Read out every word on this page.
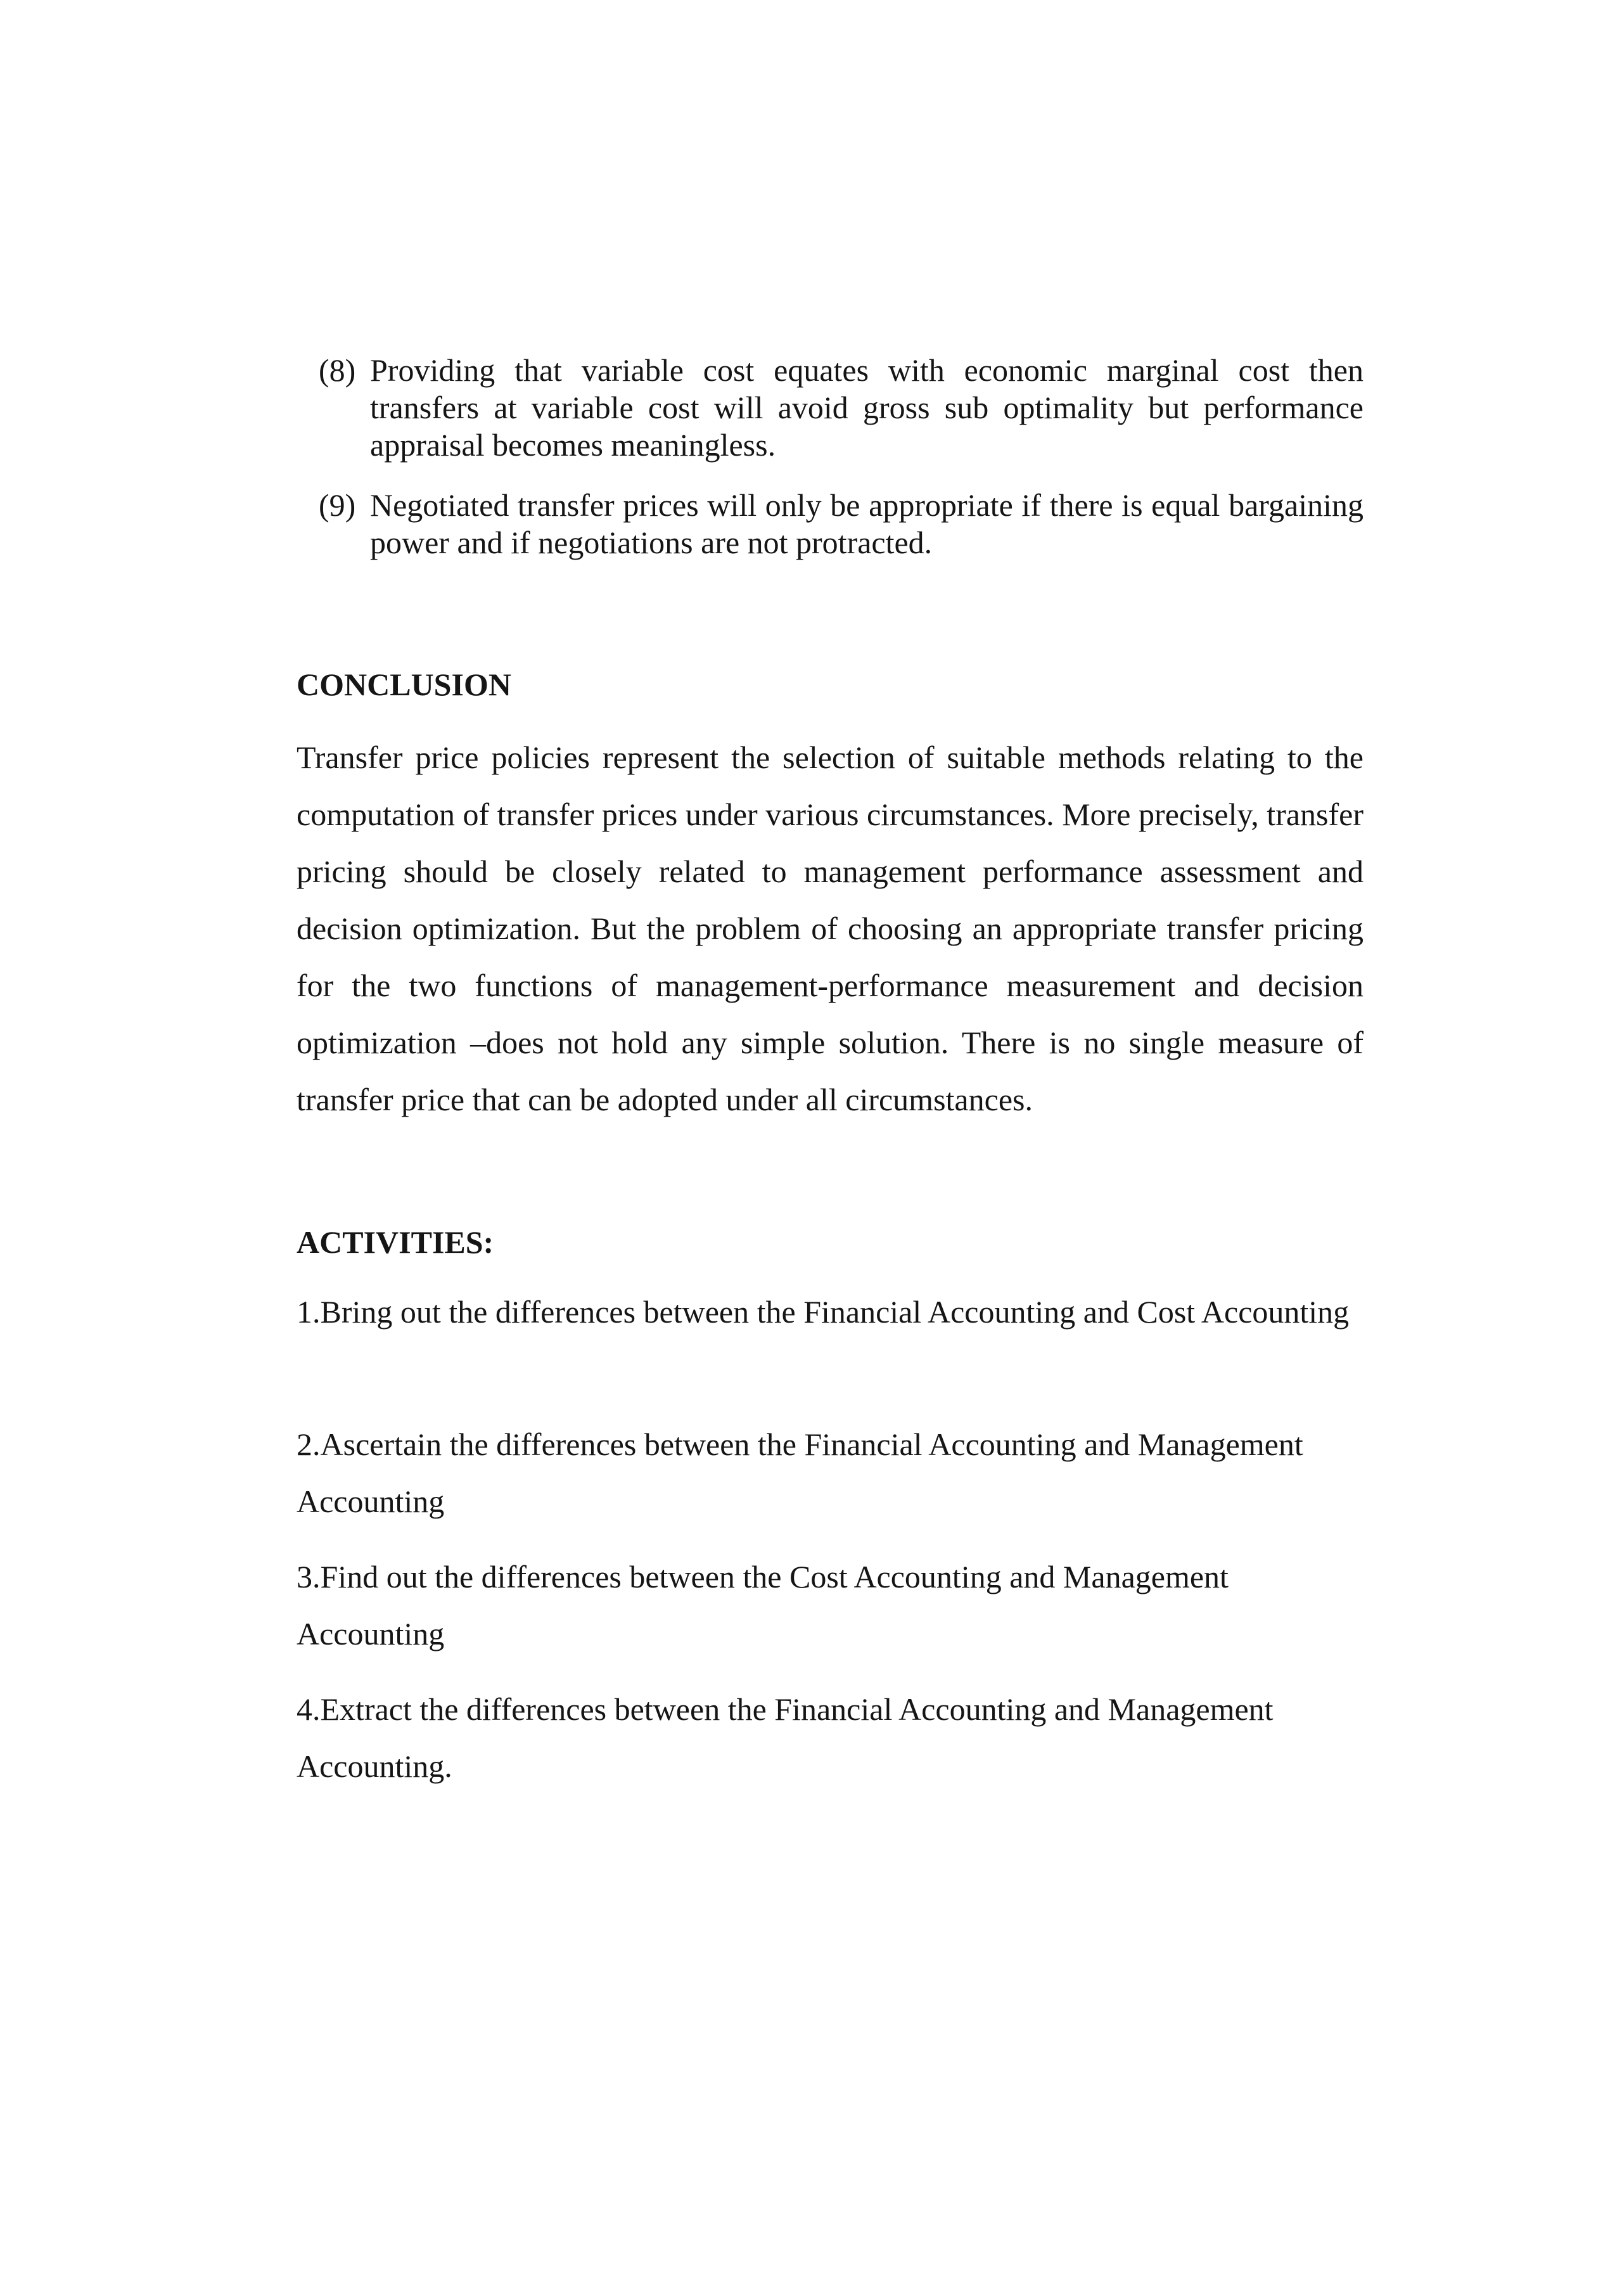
(8) Providing that variable cost equates with economic marginal cost then transfers at variable cost will avoid gross sub optimality but performance appraisal becomes meaningless.
(9) Negotiated transfer prices will only be appropriate if there is equal bargaining power and if negotiations are not protracted.
CONCLUSION
Transfer price policies represent the selection of suitable methods relating to the computation of transfer prices under various circumstances. More precisely, transfer pricing should be closely related to management performance assessment and decision optimization. But the problem of choosing an appropriate transfer pricing for the two functions of management-performance measurement and decision optimization –does not hold any simple solution. There is no single measure of transfer price that can be adopted under all circumstances.
ACTIVITIES:
1.Bring out the differences between the Financial Accounting and Cost Accounting
2.Ascertain the differences between the Financial Accounting and Management Accounting
3.Find out the differences between the Cost Accounting and Management Accounting
4.Extract the differences between the Financial Accounting and Management Accounting.
